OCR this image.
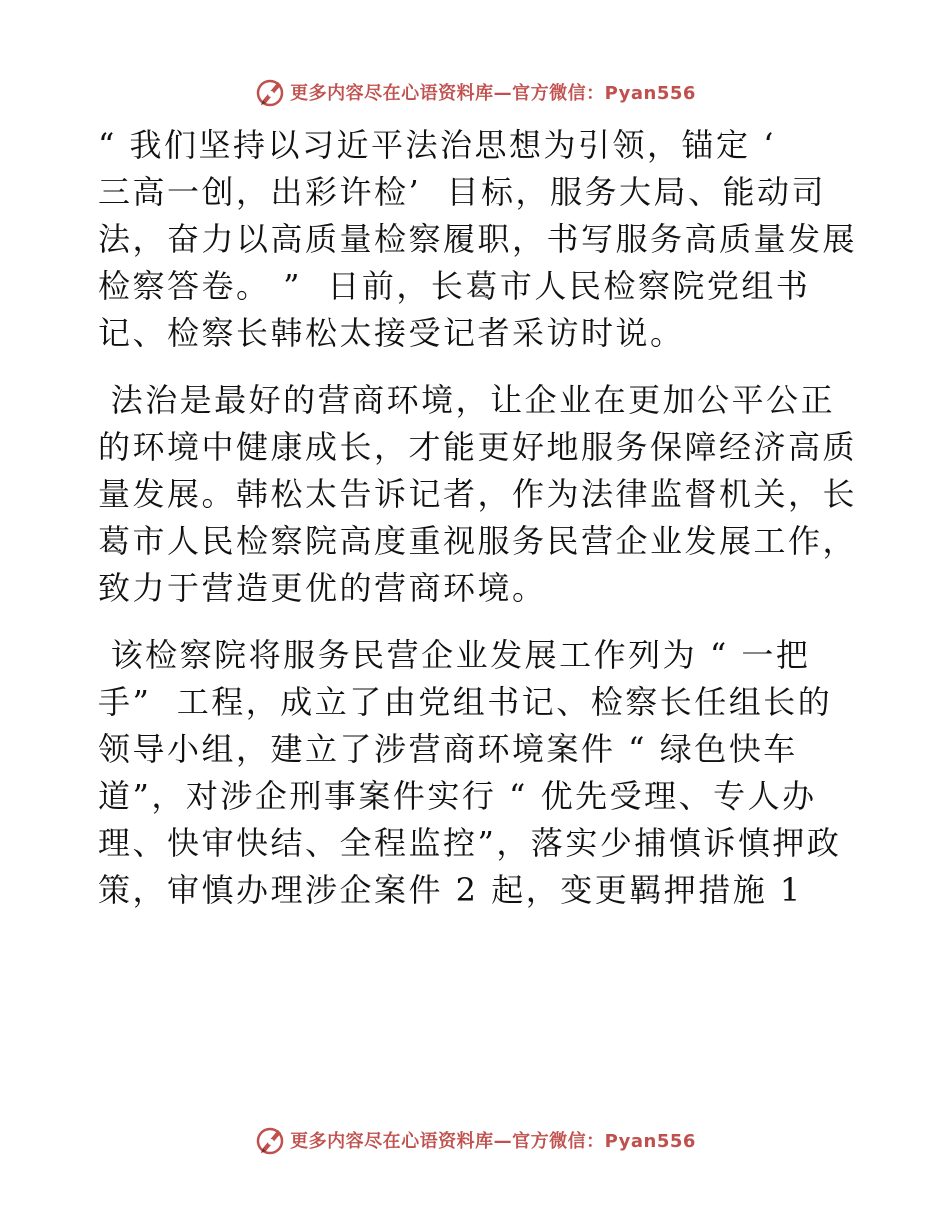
更多内容尽在心语资料库—官方微信：Pyan556
“ 我们坚持以习近平法治思想为引领，锚定 ‘
三高一创，出彩许检’  目标，服务大局、能动司
法，奋力以高质量检察履职，书写服务高质量发展
检察答卷。 ”  日前，长葛市人民检察院党组书
记、检察长韩松太接受记者采访时说。
法治是最好的营商环境，让企业在更加公平公正
的环境中健康成长，才能更好地服务保障经济高质
量发展。韩松太告诉记者，作为法律监督机关，长
葛市人民检察院高度重视服务民营企业发展工作，
致力于营造更优的营商环境。
该检察院将服务民营企业发展工作列为 “ 一把
手”  工程，成立了由党组书记、检察长任组长的
领导小组，建立了涉营商环境案件 “ 绿色快车
道”，对涉企刑事案件实行 “ 优先受理、专人办
理、快审快结、全程监控”，落实少捕慎诉慎押政
策，审慎办理涉企案件 2 起，变更羁押措施 1
更多内容尽在心语资料库—官方微信：Pyan556
